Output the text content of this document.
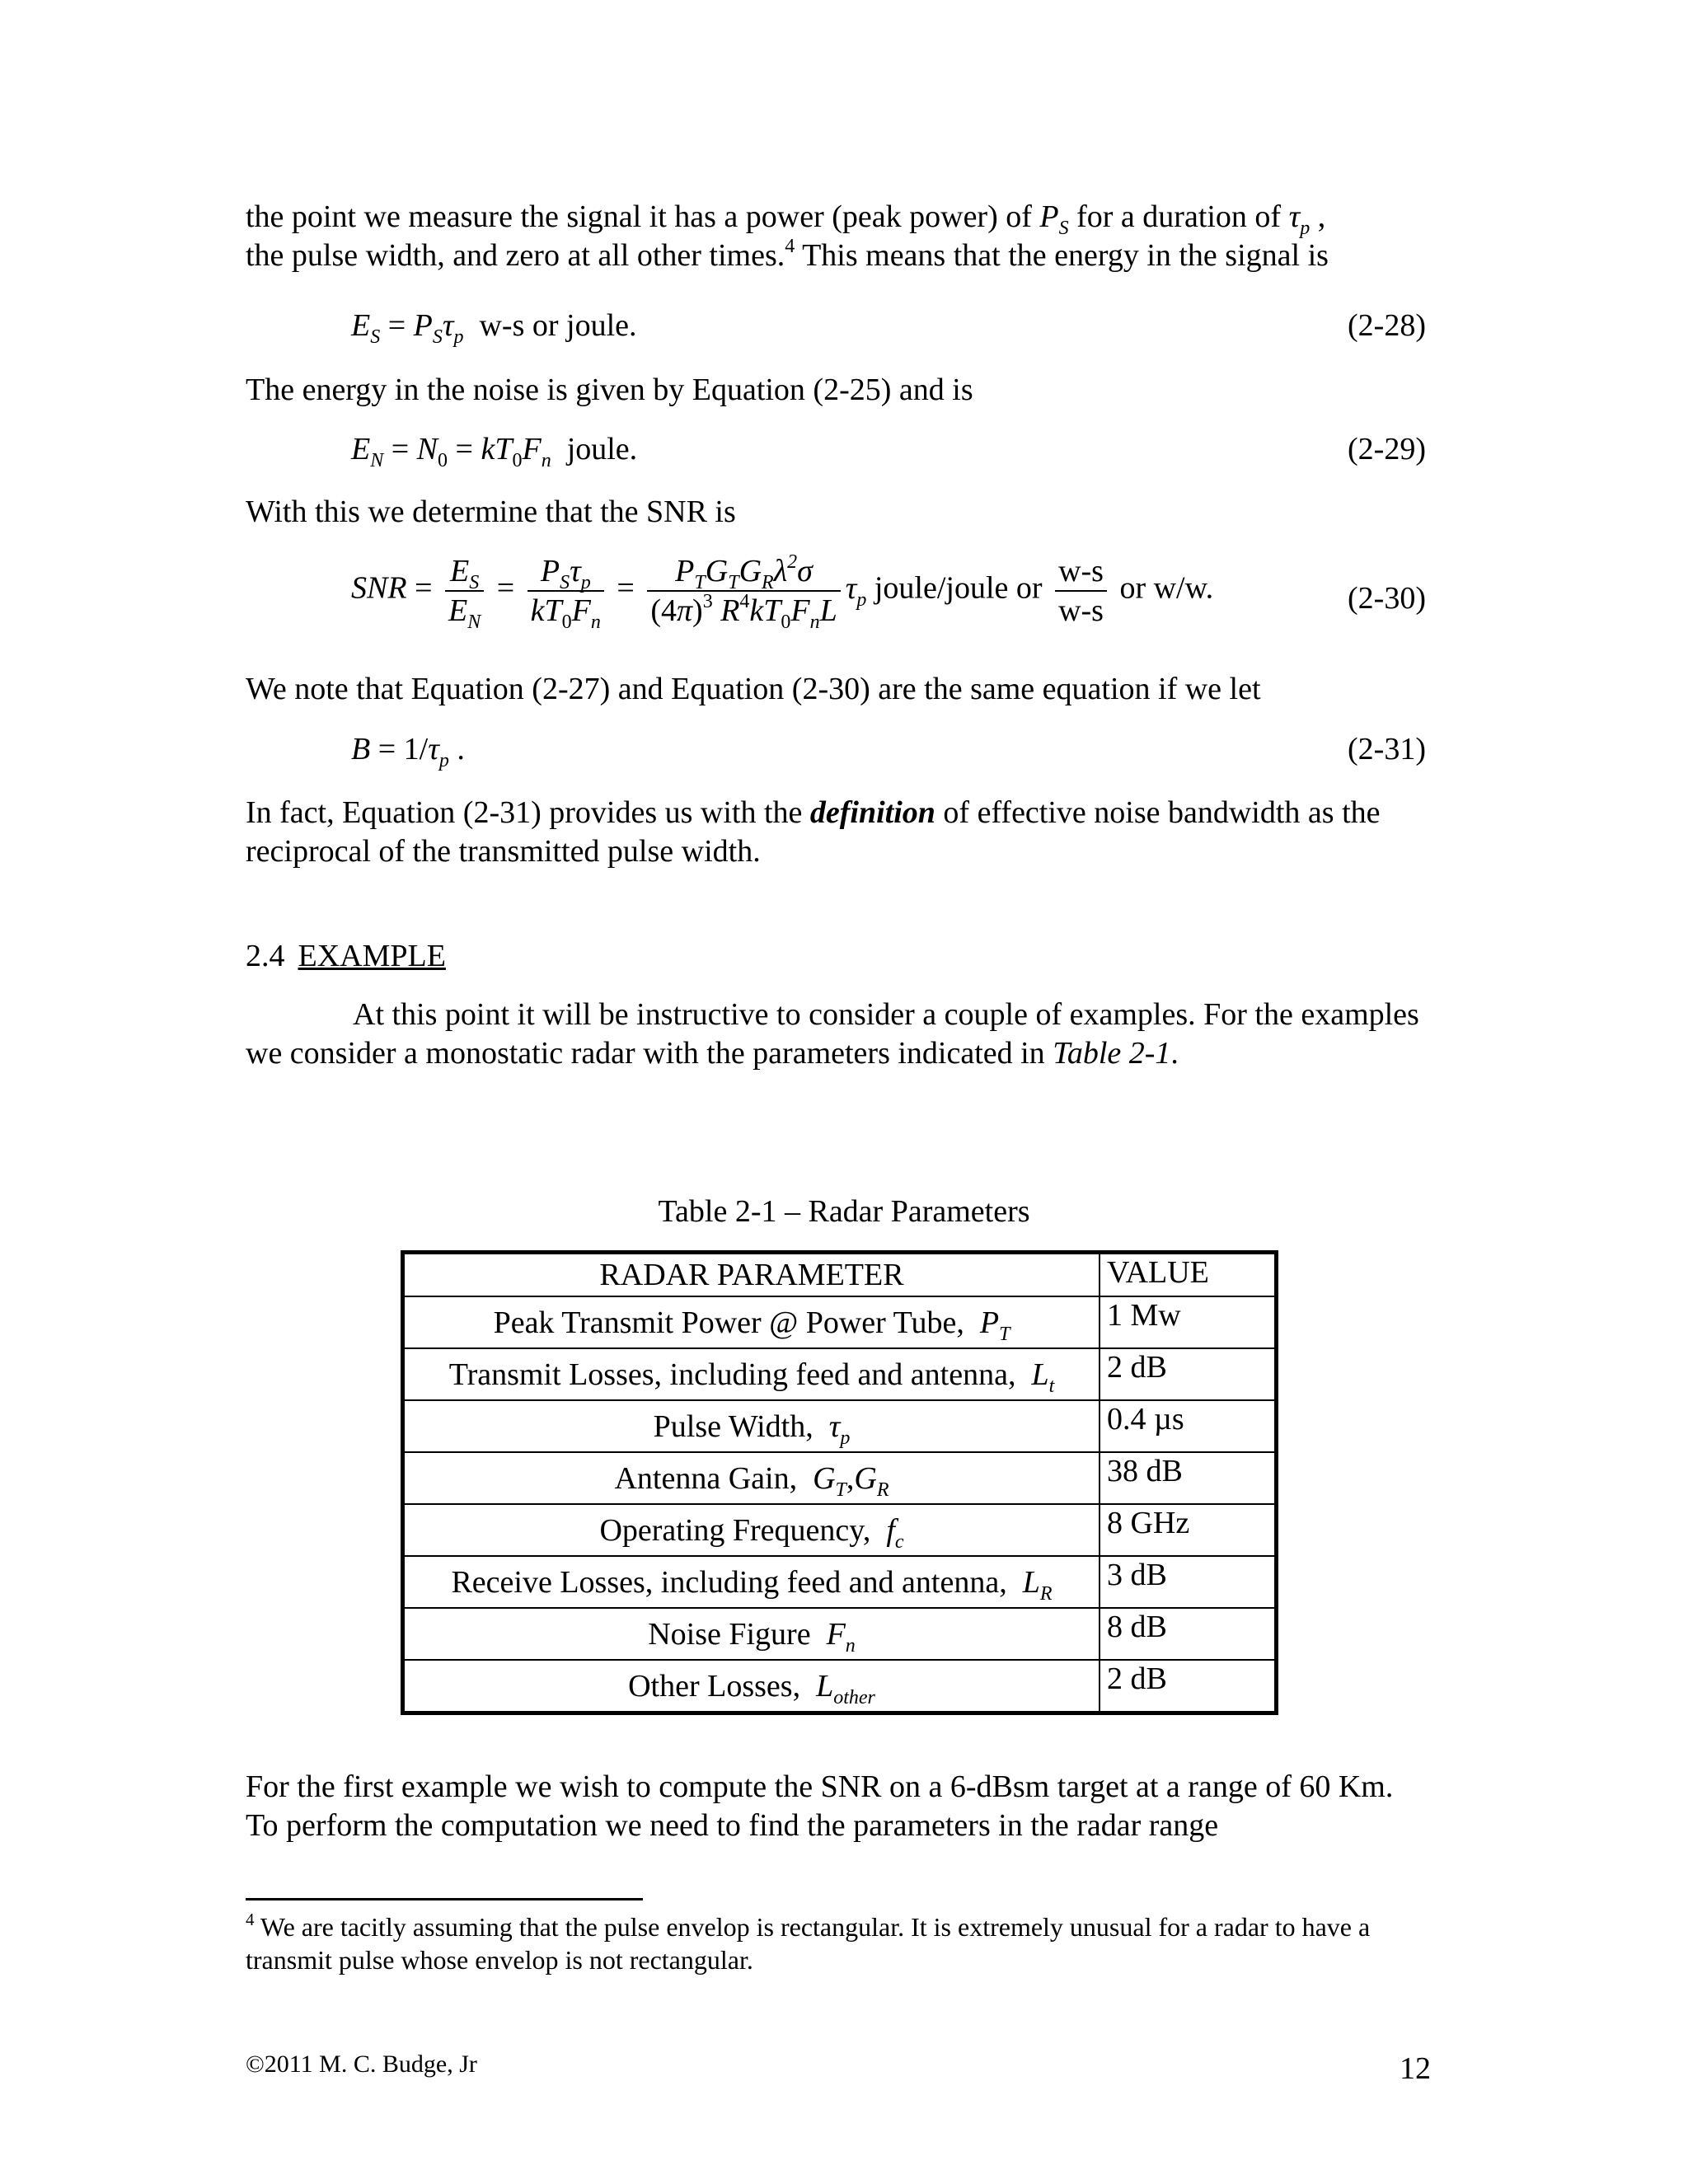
the point we measure the signal it has a power (peak power) of $P_S$ for a duration of $\tau_p$ ,
the pulse width, and zero at all other times.$^4$ This means that the energy in the signal is

$E_S = P_S\tau_p$ w-s or joule.	(2-28)

The energy in the noise is given by Equation (2-25) and is

$E_N = N_0 = kT_0F_n$ joule.	(2-29)

With this we determine that the SNR is

SNR = $\frac{E_S}{E_N} = \frac{P_S\tau_p}{kT_0F_n} = \frac{P_TG_TG_R\lambda^2\sigma}{(4\pi)^3 R^4kT_0F_nL} \tau_p$ joule/joule or $\frac{w-s}{w-s}$ or w/w.	(2-30)

We note that Equation (2-27) and Equation (2-30) are the same equation if we let

$B = 1/\tau_p$ .	(2-31)

In fact, Equation (2-31) provides us with the definition of effective noise bandwidth as the reciprocal of the transmitted pulse width.

2.4 EXAMPLE

At this point it will be instructive to consider a couple of examples. For the examples we consider a monostatic radar with the parameters indicated in Table 2-1.

Table 2-1 – Radar Parameters
RADAR PARAMETER	VALUE
Peak Transmit Power @ Power Tube, $P_T$	1 Mw
Transmit Losses, including feed and antenna, $L_t$	2 dB
Pulse Width, $\tau_p$	0.4 µs
Antenna Gain, $G_T,G_R$	38 dB
Operating Frequency, $f_c$	8 GHz
Receive Losses, including feed and antenna, $L_R$	3 dB
Noise Figure $F_n$	8 dB
Other Losses, $L_{other}$	2 dB

For the first example we wish to compute the SNR on a 6-dBsm target at a range of 60 Km. To perform the computation we need to find the parameters in the radar range

$^4$ We are tacitly assuming that the pulse envelop is rectangular. It is extremely unusual for a radar to have a transmit pulse whose envelop is not rectangular.

©2011 M. C. Budge, Jr	12
